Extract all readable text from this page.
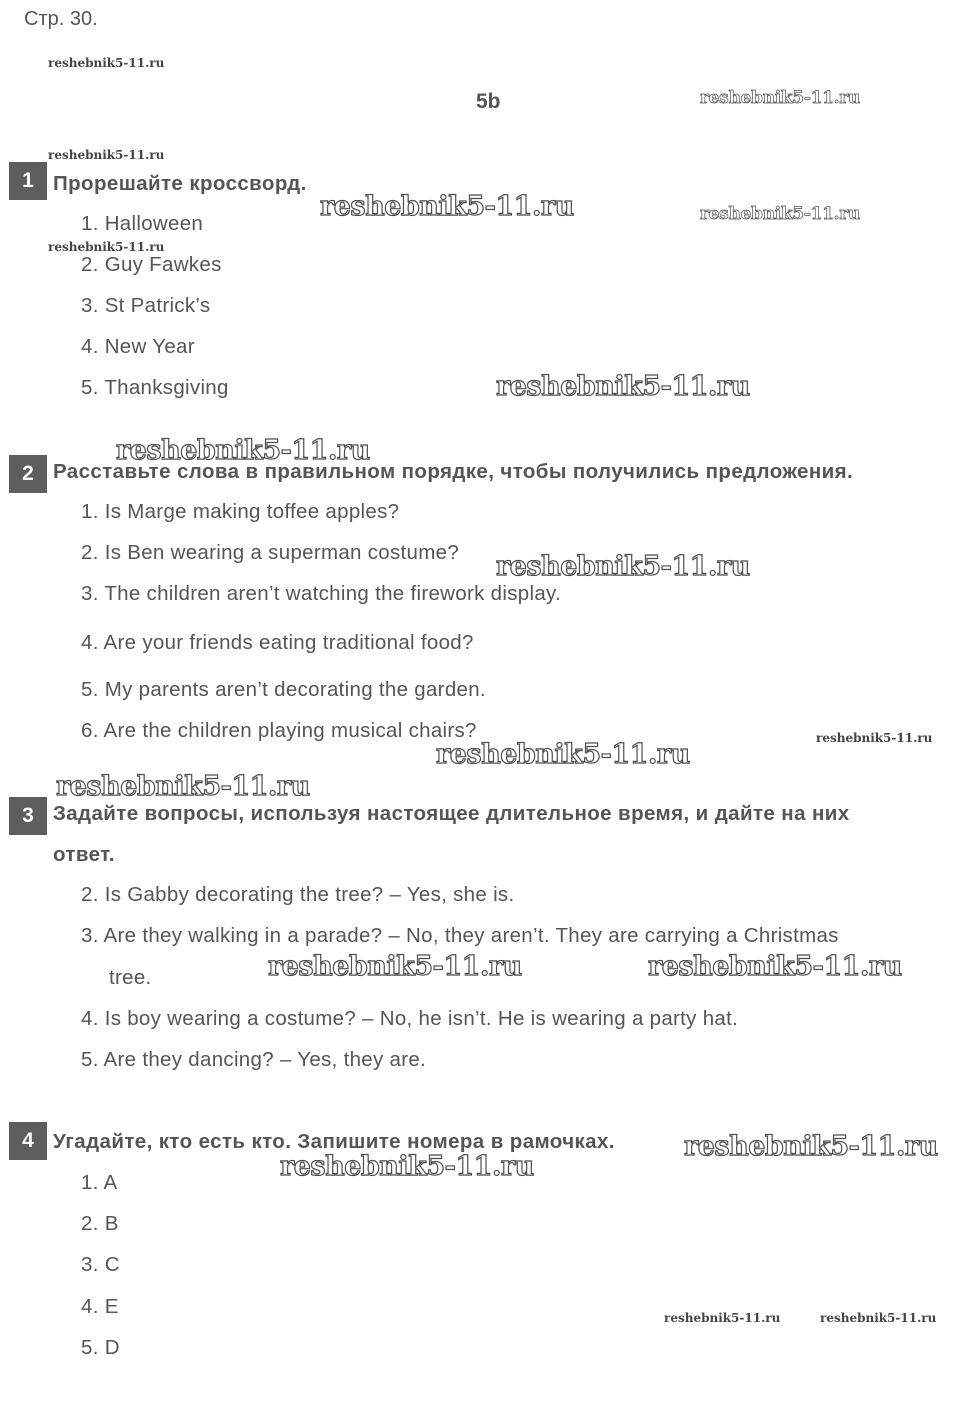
Стр. 30.
5b
1 Прорешайте кроссворд.
1. Halloween
2. Guy Fawkes
3. St Patrick’s
4. New Year
5. Thanksgiving
2 Расставьте слова в правильном порядке, чтобы получились предложения.
1. Is Marge making toffee apples?
2. Is Ben wearing a superman costume?
3. The children aren’t watching the firework display.
4. Are your friends eating traditional food?
5. My parents aren’t decorating the garden.
6. Are the children playing musical chairs?
3 Задайте вопросы, используя настоящее длительное время, и дайте на них
ответ.
2. Is Gabby decorating the tree? – Yes, she is.
3. Are they walking in a parade? – No, they aren’t. They are carrying a Christmas
tree.
4. Is boy wearing a costume? – No, he isn’t. He is wearing a party hat.
5. Are they dancing? – Yes, they are.
4 Угадайте, кто есть кто. Запишите номера в рамочках.
1. A
2. B
3. C
4. E
5. D
reshebnik5-11.ru
reshebnik5-11.ru
reshebnik5-11.ru
reshebnik5-11.ru	reshebnik5-11.ru
reshebnik5-11.ru
reshebnik5-11.ru
reshebnik5-11.ru
reshebnik5-11.ru
reshebnik5-11.ru
reshebnik5-11.ru
reshebnik5-11.ru
reshebnik5-11.ru	reshebnik5-11.ru
reshebnik5-11.ru
reshebnik5-11.ru
reshebnik5-11.ru	reshebnik5-11.ru
